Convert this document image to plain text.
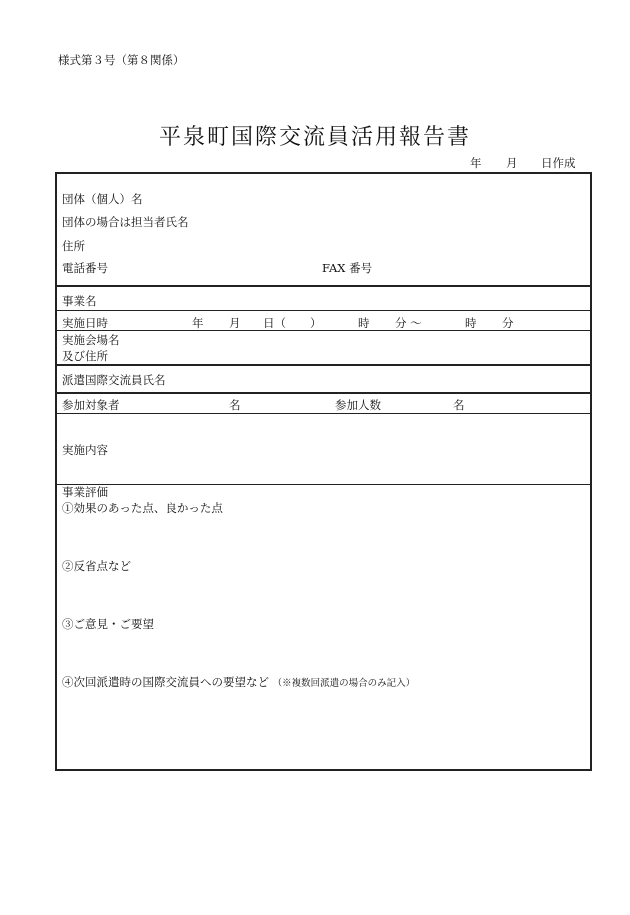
様式第３号（第８関係）
平泉町国際交流員活用報告書
年 月 日作成
団体（個人）名
団体の場合は担当者氏名
住所
電話番号	FAX 番号
事業名
実施日時	年 月 日（ ）	時 分 〜	時 分
実施会場名
及び住所
派遣国際交流員氏名
参加対象者	名	参加人数	名
実施内容
事業評価
①効果のあった点、良かった点
②反省点など
③ご意見・ご要望
④次回派遣時の国際交流員への要望など （※複数回派遣の場合のみ記入）
